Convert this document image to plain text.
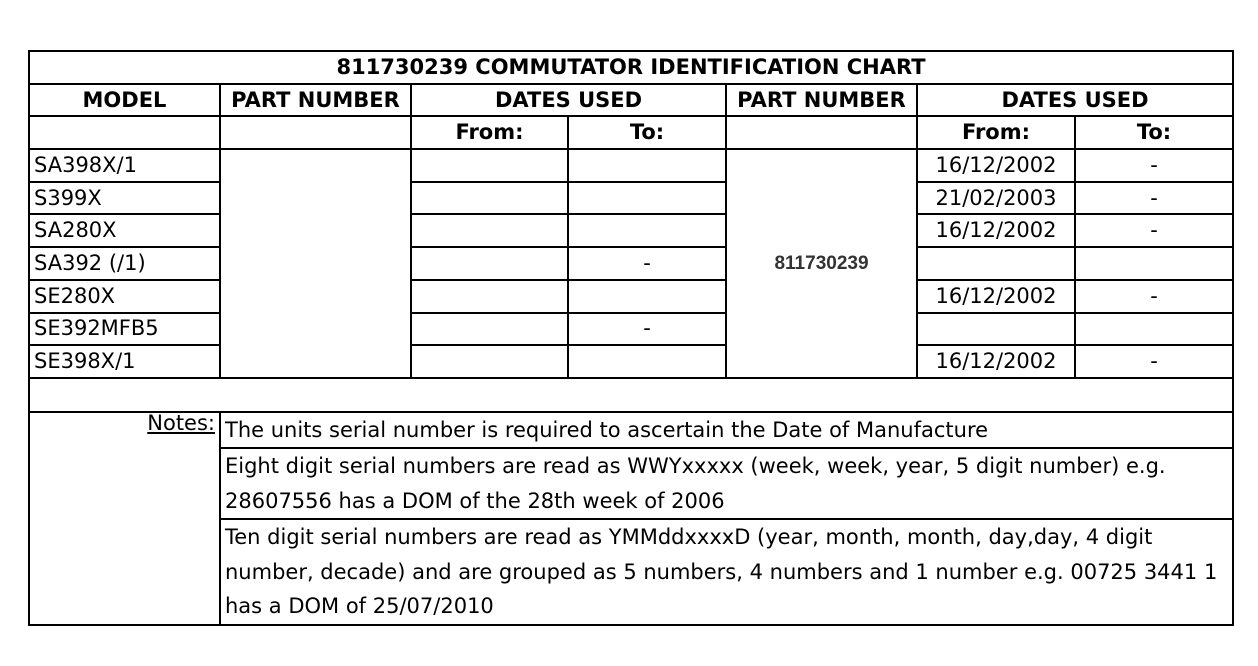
811730239 COMMUTATOR IDENTIFICATION CHART						
MODEL	PART NUMBER	DATES USED		PART NUMBER	DATES USED	
		From:	To:		From:	To:
SA398X/1				811730239	16/12/2002	-
S399X					21/02/2003	-
SA280X					16/12/2002	-
SA392 (/1)			-			
SE280X					16/12/2002	-
SE392MFB5			-			
SE398X/1					16/12/2002	-

Notes:	The units serial number is required to ascertain the Date of Manufacture					
	Eight digit serial numbers are read as WWYxxxxx (week, week, year, 5 digit number) e.g. 28607556 has a DOM of the 28th week of 2006					
	Ten digit serial numbers are read as YMMddxxxxD (year, month, month, day,day, 4 digit number, decade) and are grouped as 5 numbers, 4 numbers and 1 number e.g. 00725 3441 1 has a DOM of 25/07/2010					
